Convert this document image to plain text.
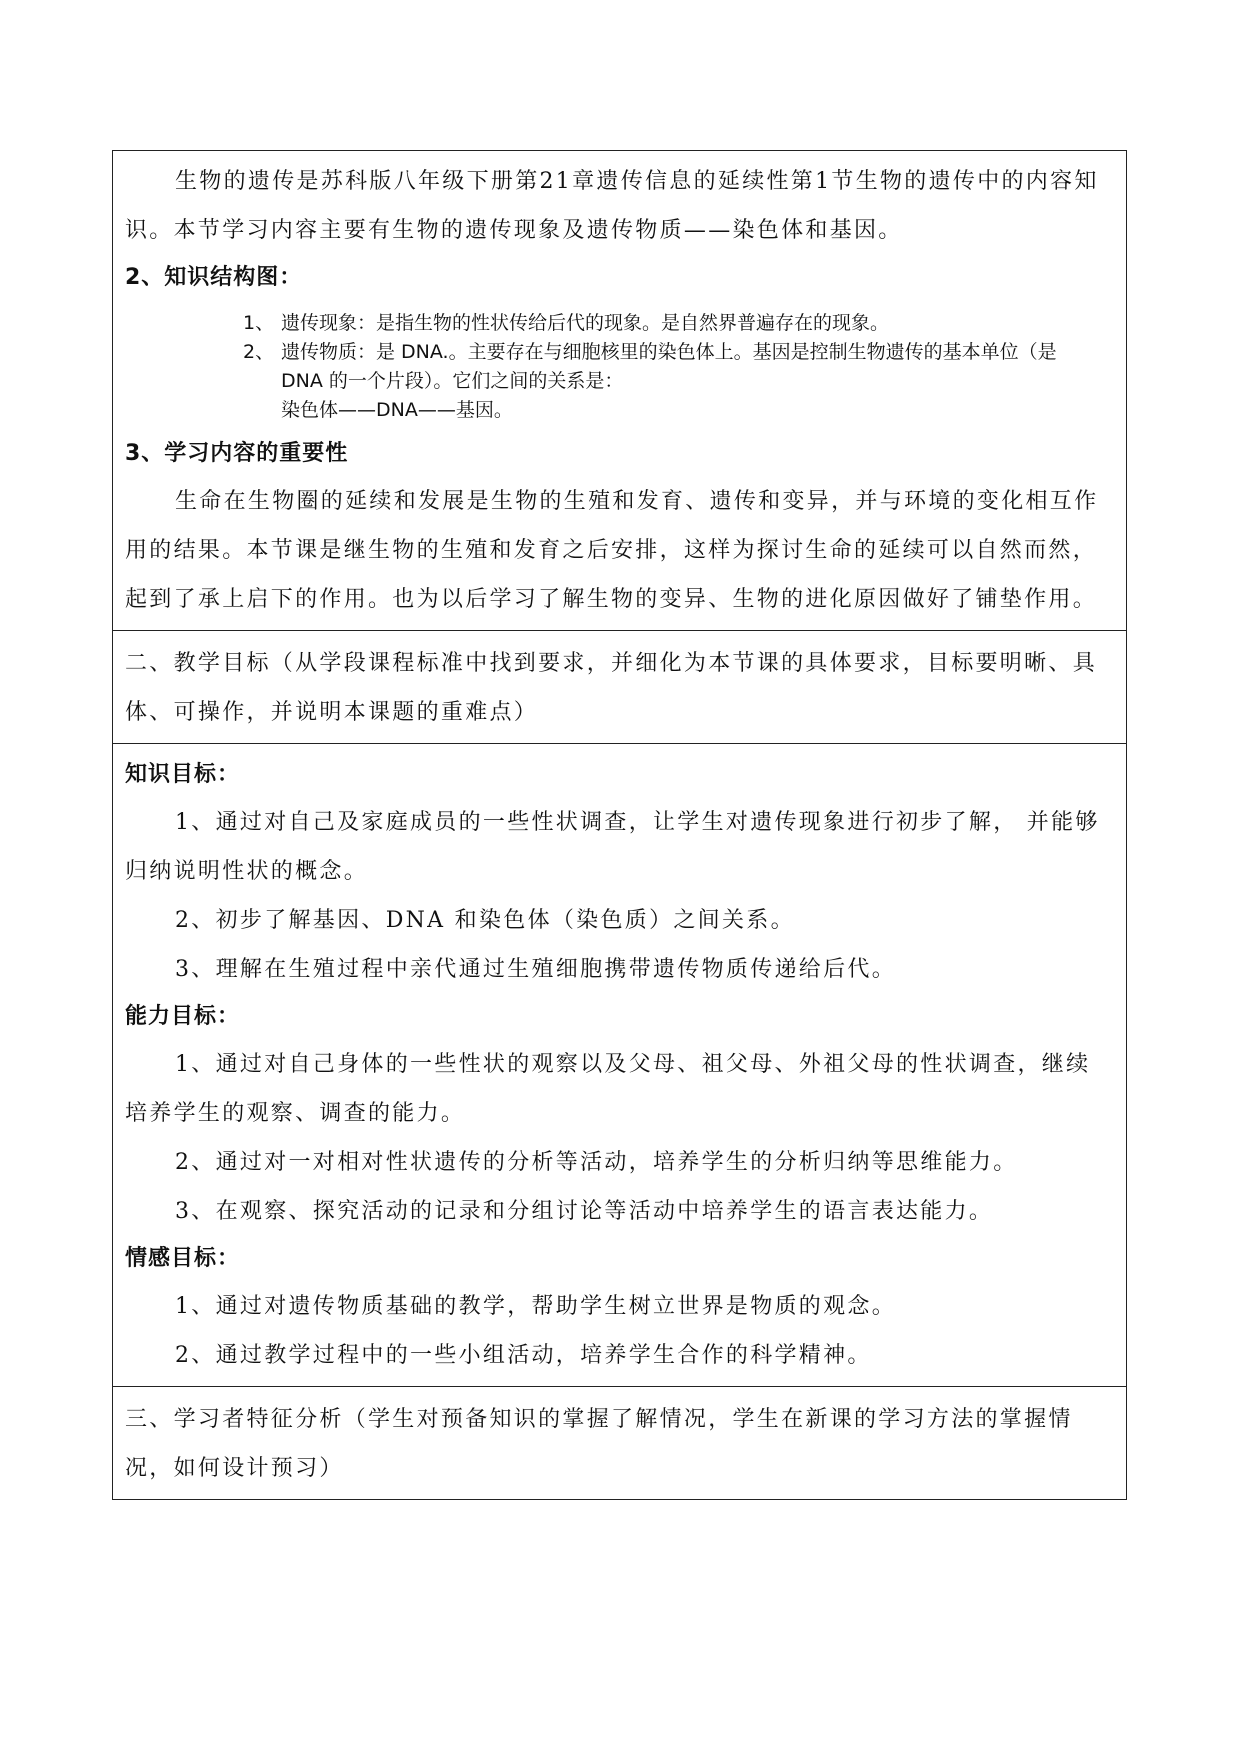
生物的遗传是苏科版八年级下册第21章遗传信息的延续性第1节生物的遗传中的内容知识。本节学习内容主要有生物的遗传现象及遗传物质——染色体和基因。

2、知识结构图：

1、 遗传现象：是指生物的性状传给后代的现象。是自然界普遍存在的现象。
2、 遗传物质：是 DNA.。主要存在与细胞核里的染色体上。基因是控制生物遗传的基本单位（是 DNA 的一个片段）。它们之间的关系是：
染色体——DNA——基因。

3、学习内容的重要性

生命在生物圈的延续和发展是生物的生殖和发育、遗传和变异，并与环境的变化相互作用的结果。本节课是继生物的生殖和发育之后安排，这样为探讨生命的延续可以自然而然，起到了承上启下的作用。也为以后学习了解生物的变异、生物的进化原因做好了铺垫作用。

二、教学目标（从学段课程标准中找到要求，并细化为本节课的具体要求，目标要明晰、具体、可操作，并说明本课题的重难点）

知识目标：

1、通过对自己及家庭成员的一些性状调查，让学生对遗传现象进行初步了解， 并能够归纳说明性状的概念。

2、初步了解基因、DNA 和染色体（染色质）之间关系。

3、理解在生殖过程中亲代通过生殖细胞携带遗传物质传递给后代。

能力目标：

1、通过对自己身体的一些性状的观察以及父母、祖父母、外祖父母的性状调查，继续培养学生的观察、调查的能力。

2、通过对一对相对性状遗传的分析等活动，培养学生的分析归纳等思维能力。

3、在观察、探究活动的记录和分组讨论等活动中培养学生的语言表达能力。

情感目标：

1、通过对遗传物质基础的教学，帮助学生树立世界是物质的观念。

2、通过教学过程中的一些小组活动，培养学生合作的科学精神。

三、学习者特征分析（学生对预备知识的掌握了解情况，学生在新课的学习方法的掌握情况，如何设计预习）
